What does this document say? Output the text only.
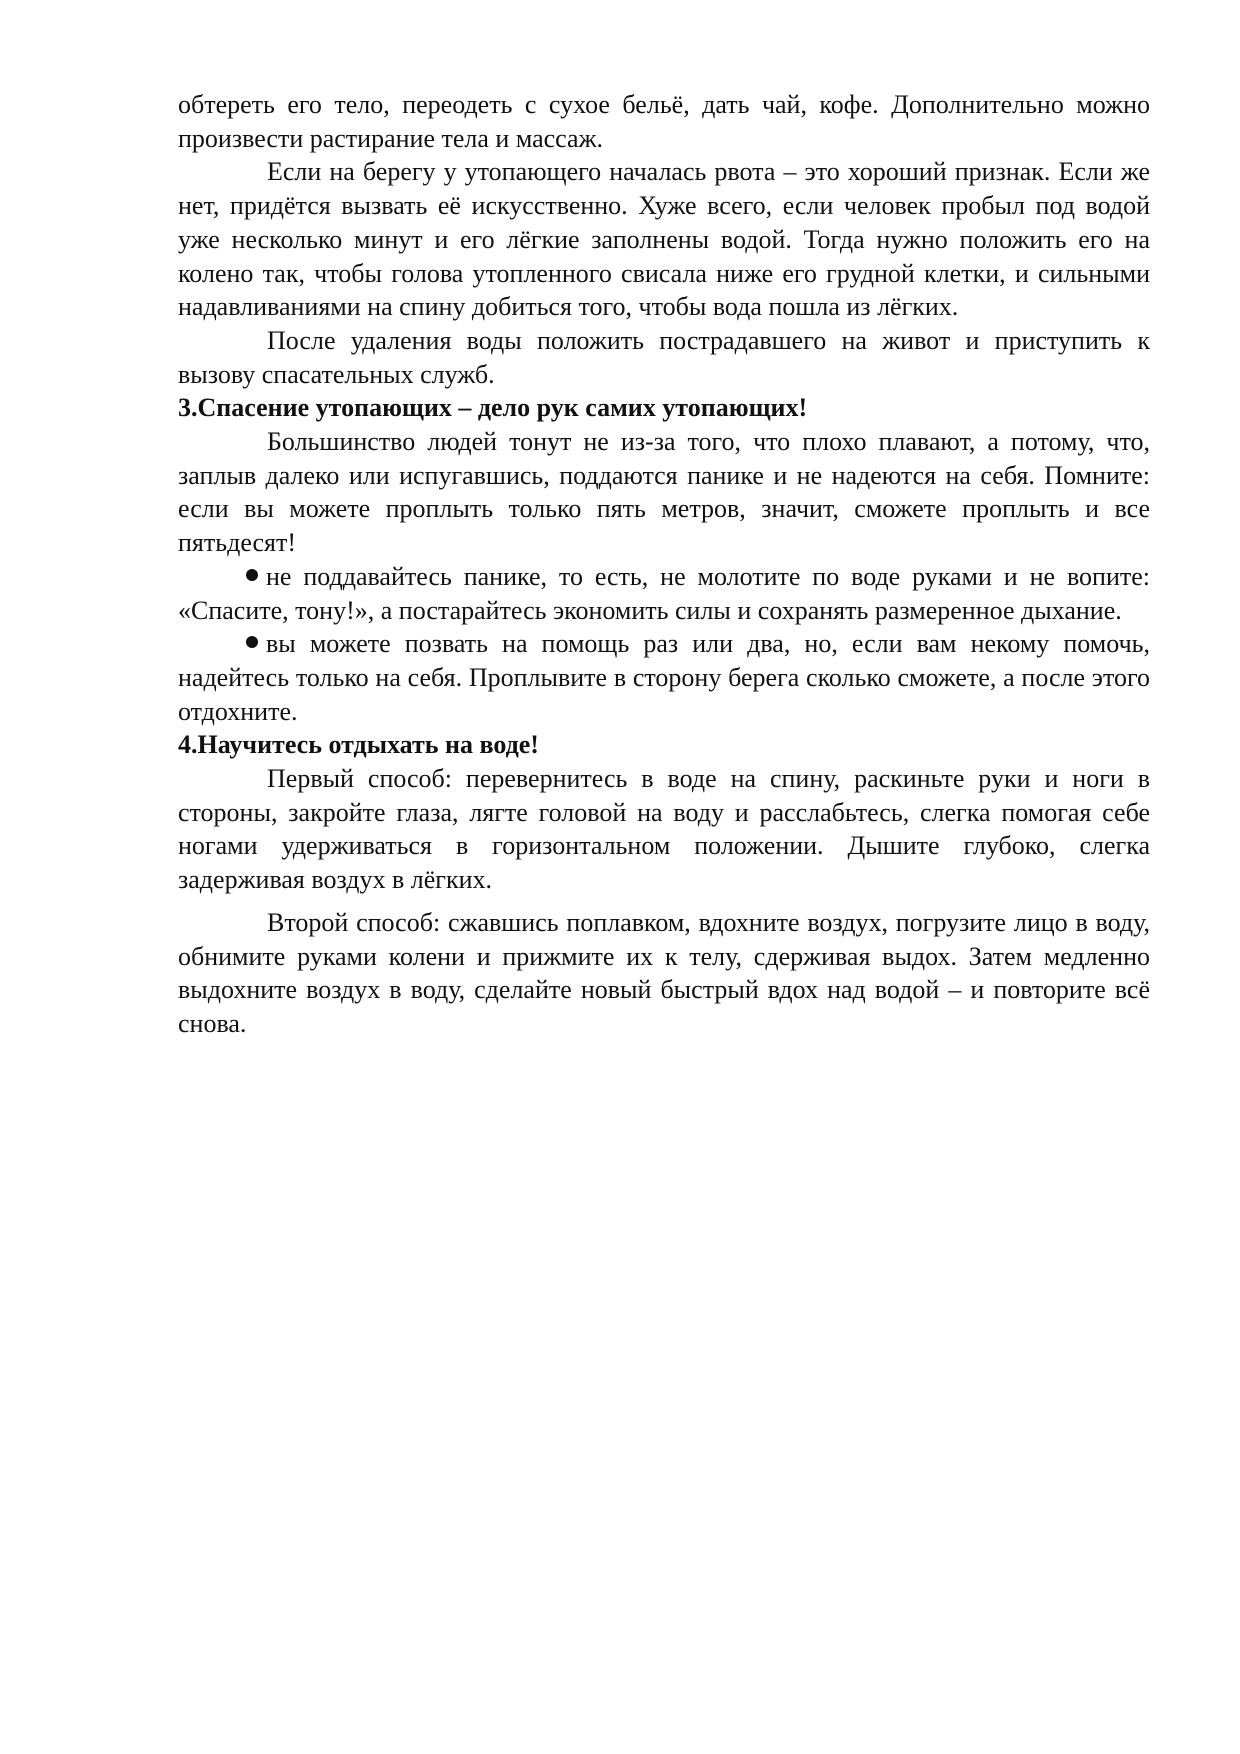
обтереть его тело, переодеть с сухое бельё, дать чай, кофе. Дополнительно можно произвести растирание тела и массаж.

Если на берегу у утопающего началась рвота – это хороший признак. Если же нет, придётся вызвать её искусственно. Хуже всего, если человек пробыл под водой уже несколько минут и его лёгкие заполнены водой. Тогда нужно положить его на колено так, чтобы голова утопленного свисала ниже его грудной клетки, и сильными надавливаниями на спину добиться того, чтобы вода пошла из лёгких.

После удаления воды положить пострадавшего на живот и приступить к вызову спасательных служб.

3.Спасение утопающих – дело рук самих утопающих!

Большинство людей тонут не из-за того, что плохо плавают, а потому, что, заплыв далеко или испугавшись, поддаются панике и не надеются на себя. Помните: если вы можете проплыть только пять метров, значит, сможете проплыть и все пятьдесят!

не поддавайтесь панике, то есть, не молотите по воде руками и не вопите: «Спасите, тону!», а постарайтесь экономить силы и сохранять размеренное дыхание.

вы можете позвать на помощь раз или два, но, если вам некому помочь, надейтесь только на себя. Проплывите в сторону берега сколько сможете, а после этого отдохните.

4.Научитесь отдыхать на воде!

Первый способ: перевернитесь в воде на спину, раскиньте руки и ноги в стороны, закройте глаза, лягте головой на воду и расслабьтесь, слегка помогая себе ногами удерживаться в горизонтальном положении. Дышите глубоко, слегка задерживая воздух в лёгких.

Второй способ: сжавшись поплавком, вдохните воздух, погрузите лицо в воду, обнимите руками колени и прижмите их к телу, сдерживая выдох. Затем медленно выдохните воздух в воду, сделайте новый быстрый вдох над водой – и повторите всё снова.
